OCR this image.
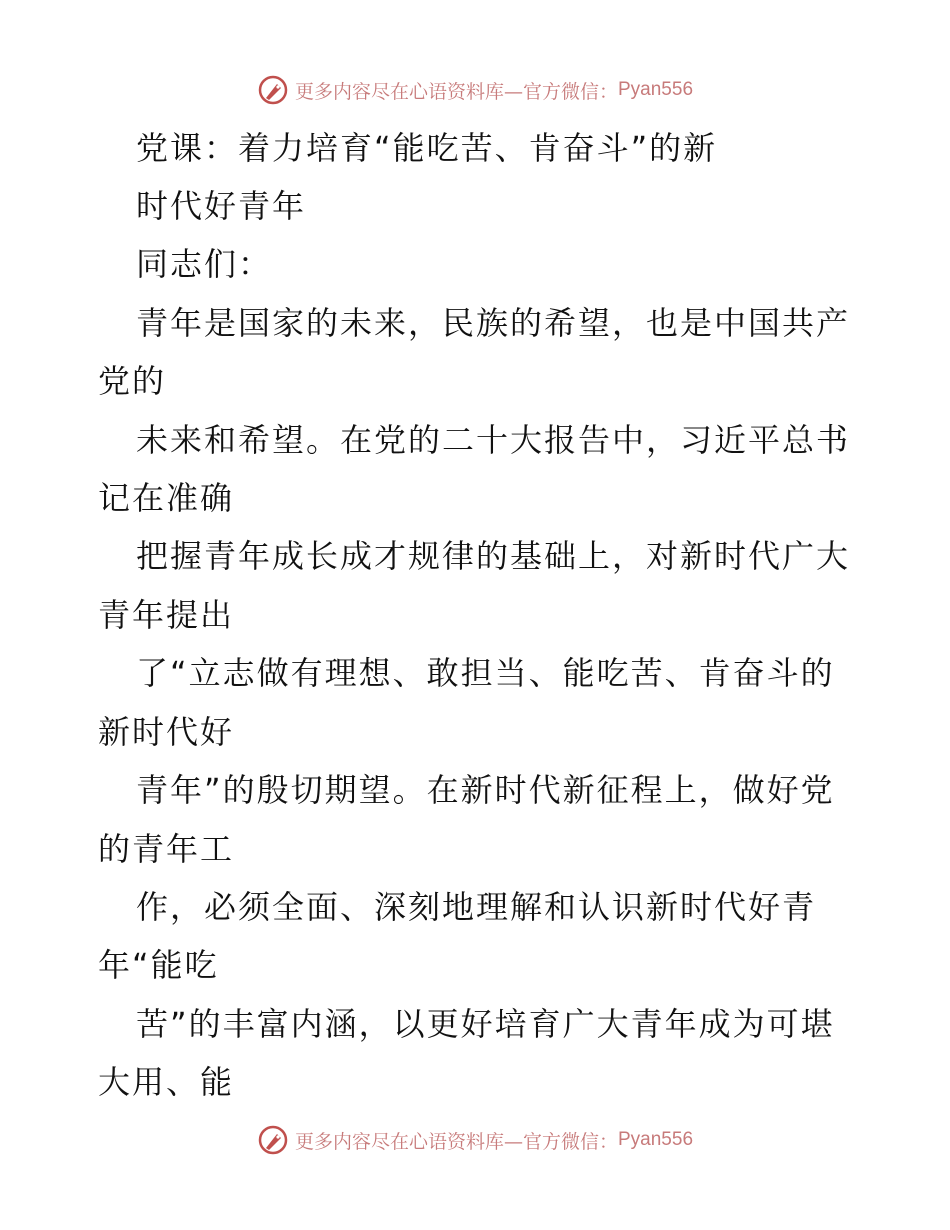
更多内容尽在心语资料库—官方微信： Pyan556
党课：着力培育“能吃苦、肯奋斗”的新
时代好青年
同志们：
青年是国家的未来，民族的希望，也是中国共产
党的
未来和希望。在党的二十大报告中，习近平总书
记在准确
把握青年成长成才规律的基础上，对新时代广大
青年提出
了“立志做有理想、敢担当、能吃苦、肯奋斗的
新时代好
青年”的殷切期望。在新时代新征程上，做好党
的青年工
作，必须全面、深刻地理解和认识新时代好青
年“能吃
苦”的丰富内涵，以更好培育广大青年成为可堪
大用、能
更多内容尽在心语资料库—官方微信： Pyan556
